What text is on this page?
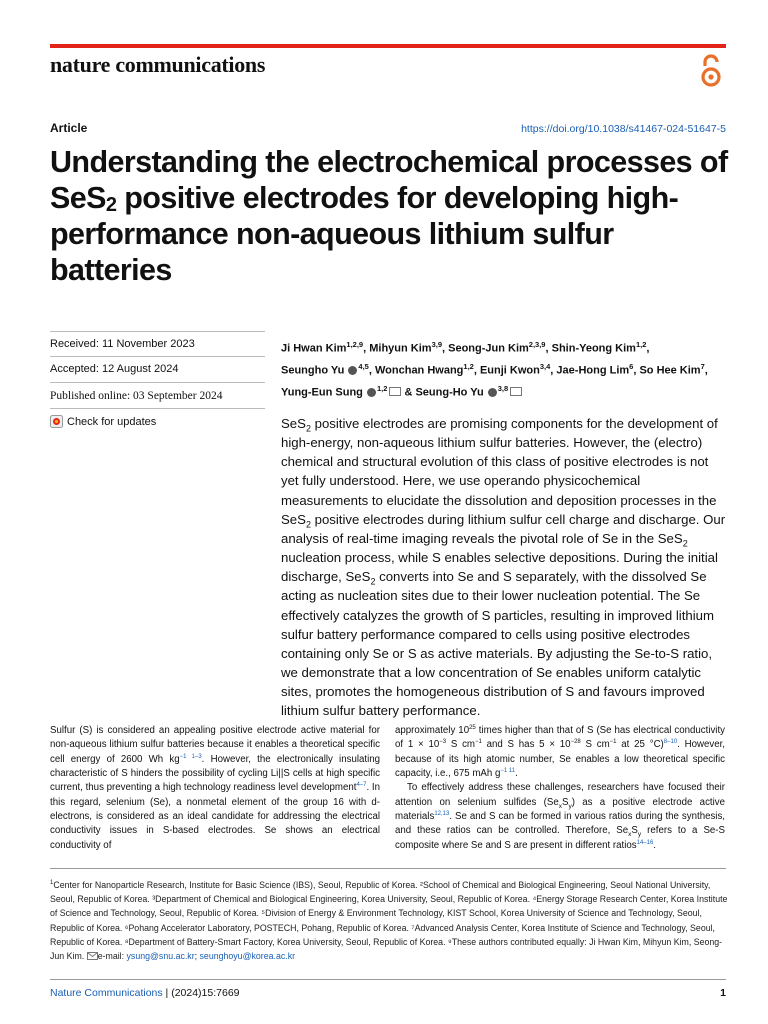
nature communications
Article	https://doi.org/10.1038/s41467-024-51647-5
Understanding the electrochemical processes of SeS$_2$ positive electrodes for developing high-performance non-aqueous lithium sulfur batteries
Received: 11 November 2023
Accepted: 12 August 2024
Published online: 03 September 2024
Check for updates
Ji Hwan Kim$^{1,2,9}$, Mihyun Kim$^{3,9}$, Seong-Jun Kim$^{2,3,9}$, Shin-Yeong Kim$^{1,2}$,
Seungho Yu $^{4,5}$, Wonchan Hwang$^{1,2}$, Eunji Kwon$^{3,4}$, Jae-Hong Lim$^6$, So Hee Kim$^7$,
Yung-Eun Sung $^{1,2}$ & Seung-Ho Yu $^{3,8}$

SeS$_2$ positive electrodes are promising components for the development of high-energy, non-aqueous lithium sulfur batteries. However, the (electro) chemical and structural evolution of this class of positive electrodes is not yet fully understood. Here, we use operando physicochemical measurements to elucidate the dissolution and deposition processes in the SeS$_2$ positive electrodes during lithium sulfur cell charge and discharge. Our analysis of real-time imaging reveals the pivotal role of Se in the SeS$_2$ nucleation process, while S enables selective depositions. During the initial discharge, SeS$_2$ converts into Se and S separately, with the dissolved Se acting as nucleation sites due to their lower nucleation potential. The Se effectively catalyzes the growth of S particles, resulting in improved lithium sulfur battery performance compared to cells using positive electrodes containing only Se or S as active materials. By adjusting the Se-to-S ratio, we demonstrate that a low concentration of Se enables uniform catalytic sites, promotes the homogeneous distribution of S and favours improved lithium sulfur battery performance.

Sulfur (S) is considered an appealing positive electrode active material for non-aqueous lithium sulfur batteries because it enables a theoretical specific cell energy of 2600 Wh $kg^{-1 1-3}$. However, the electronically insulating characteristic of S hinders the possibility of cycling Li||S cells at high specific current, thus preventing a high technology readiness level development$^{4-7}$. In this regard, selenium (Se), a nonmetal element of the group 16 with d-electrons, is considered as an ideal candidate for addressing the electrical conductivity issues in S-based electrodes. Se shows an electrical conductivity of

approximately $10^{25}$ times higher than that of S (Se has electrical conductivity of $1 \times 10^{-3}$ S $cm^{-1}$ and S has $5 \times 10^{-28}$ S $cm^{-1}$ at 25 °C)$^{8-10}$. However, because of its high atomic number, Se enables a low theoretical specific capacity, i.e., 675 mAh $g^{-1 11}$.

To effectively address these challenges, researchers have focused their attention on selenium sulfides $(Se_xS_y)$ as a positive electrode active materials$^{12,13}$. Se and S can be formed in various ratios during the synthesis, and these ratios can be controlled. Therefore, $Se_xS_y$ refers to a Se-S composite where Se and S are present in different ratios$^{14-16}$.

$^1$Center for Nanoparticle Research, Institute for Basic Science (IBS), Seoul, Republic of Korea. ²School of Chemical and Biological Engineering, Seoul National University, Seoul, Republic of Korea. ³Department of Chemical and Biological Engineering, Korea University, Seoul, Republic of Korea. ⁴Energy Storage Research Center, Korea Institute of Science and Technology, Seoul, Republic of Korea. ⁵Division of Energy & Environment Technology, KIST School, Korea University of Science and Technology, Seoul, Republic of Korea. ⁶Pohang Accelerator Laboratory, POSTECH, Pohang, Republic of Korea. ⁷Advanced Analysis Center, Korea Institute of Science and Technology, Seoul, Republic of Korea. ⁸Department of Battery-Smart Factory, Korea University, Seoul, Republic of Korea. ⁹These authors contributed equally: Ji Hwan Kim, Mihyun Kim, Seong-Jun Kim. e-mail: ysung@snu.ac.kr; seunghoyu@korea.ac.kr

Nature Communications | (2024)15:7669	1
